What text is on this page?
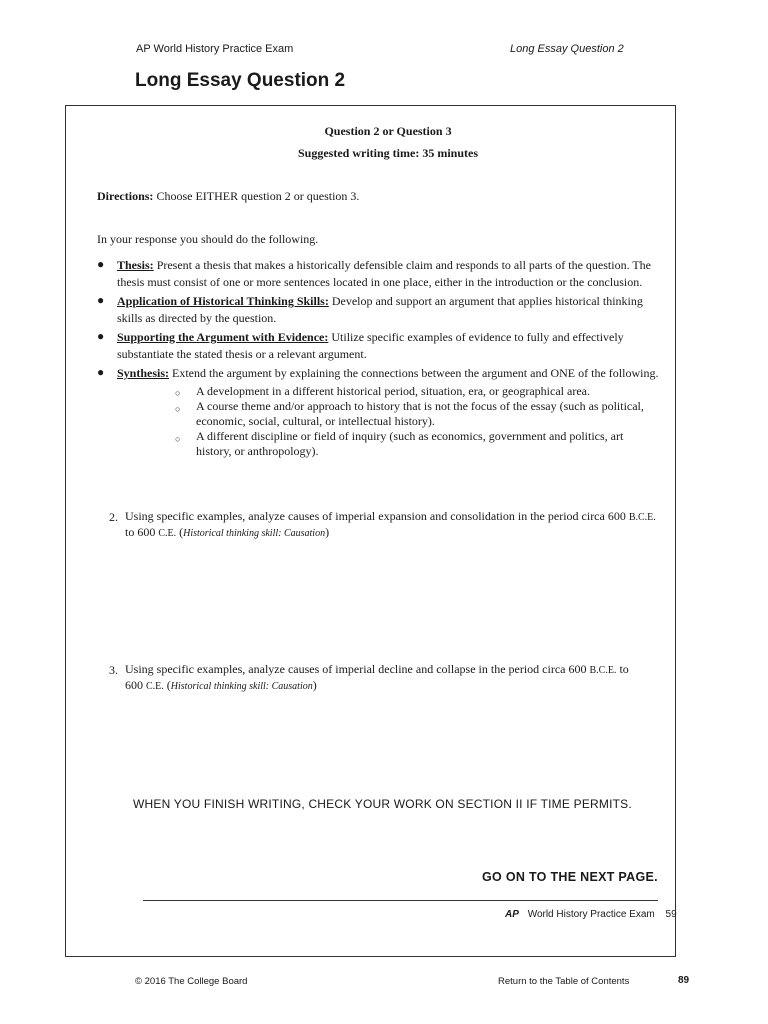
AP World History Practice Exam	Long Essay Question 2
Long Essay Question 2
Question 2 or Question 3
Suggested writing time: 35 minutes
Directions: Choose EITHER question 2 or question 3.
In your response you should do the following.
● Thesis: Present a thesis that makes a historically defensible claim and responds to all parts of the question. The
thesis must consist of one or more sentences located in one place, either in the introduction or the conclusion.
● Application of Historical Thinking Skills: Develop and support an argument that applies historical thinking
skills as directed by the question.
● Supporting the Argument with Evidence: Utilize specific examples of evidence to fully and effectively
substantiate the stated thesis or a relevant argument.
● Synthesis: Extend the argument by explaining the connections between the argument and ONE of the following.
○ A development in a different historical period, situation, era, or geographical area.
○ A course theme and/or approach to history that is not the focus of the essay (such as political,
economic, social, cultural, or intellectual history).
○ A different discipline or field of inquiry (such as economics, government and politics, art
history, or anthropology).
2. Using specific examples, analyze causes of imperial expansion and consolidation in the period circa 600 B.C.E.
to 600 C.E. (Historical thinking skill: Causation)
3. Using specific examples, analyze causes of imperial decline and collapse in the period circa 600 B.C.E. to
600 C.E. (Historical thinking skill: Causation)
WHEN YOU FINISH WRITING, CHECK YOUR WORK ON SECTION II IF TIME PERMITS.
GO ON TO THE NEXT PAGE.
AP World History Practice Exam 59
© 2016 The College Board	Return to the Table of Contents	89
